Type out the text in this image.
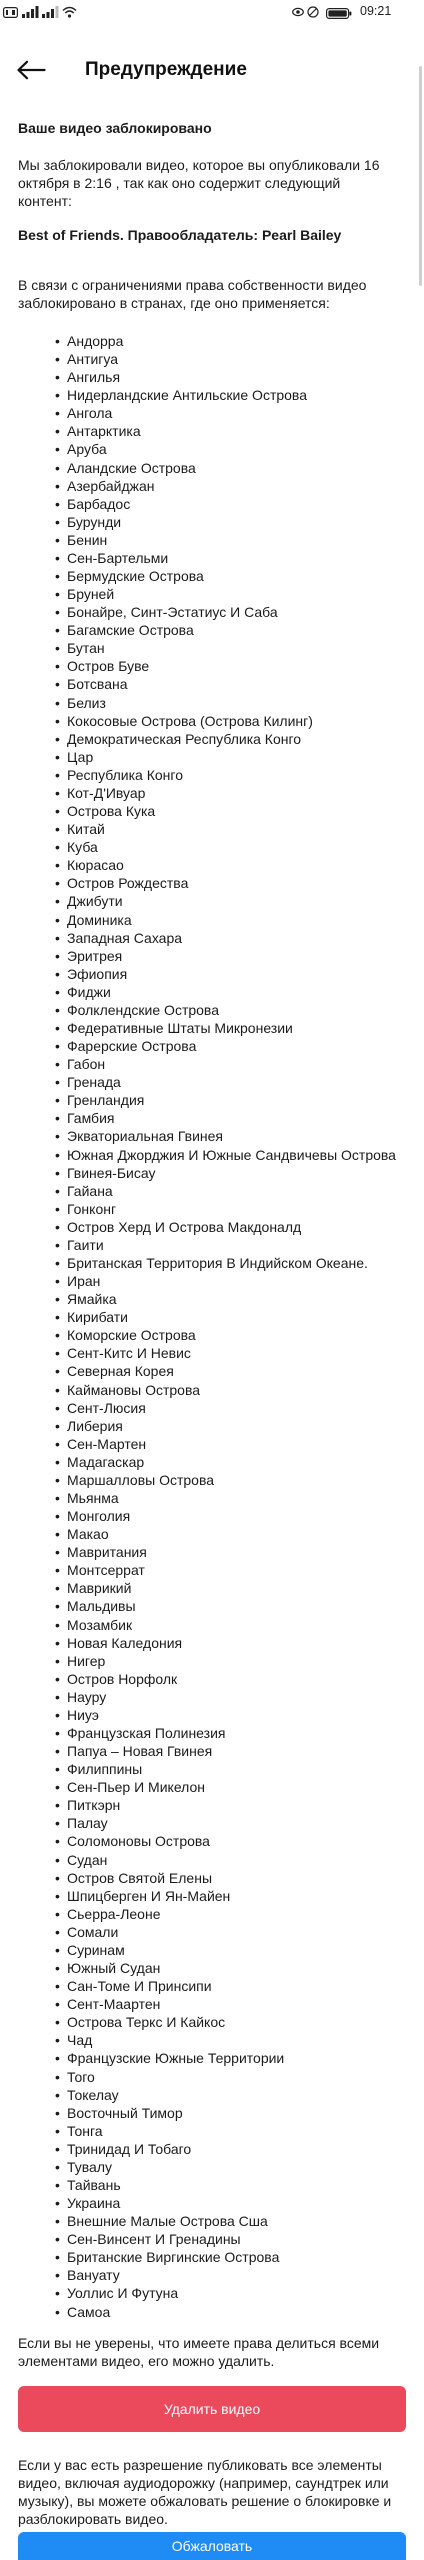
09:21
Предупреждение
Ваше видео заблокировано
Мы заблокировали видео, которое вы опубликовали 16
октября в 2:16 , так как оно содержит следующий
контент:
Best of Friends. Правообладатель: Pearl Bailey
В связи с ограничениями права собственности видео
заблокировано в странах, где оно применяется:
• Андорра
• Антигуа
• Ангилья
• Нидерландские Антильские Острова
• Ангола
• Антарктика
• Аруба
• Аландские Острова
• Азербайджан
• Барбадос
• Бурунди
• Бенин
• Сен-Бартельми
• Бермудские Острова
• Бруней
• Бонайре, Синт-Эстатиус И Саба
• Багамские Острова
• Бутан
• Остров Буве
• Ботсвана
• Белиз
• Кокосовые Острова (Острова Килинг)
• Демократическая Республика Конго
• Цар
• Республика Конго
• Кот-Д'Ивуар
• Острова Кука
• Китай
• Куба
• Кюрасао
• Остров Рождества
• Джибути
• Доминика
• Западная Сахара
• Эритрея
• Эфиопия
• Фиджи
• Фолклендские Острова
• Федеративные Штаты Микронезии
• Фарерские Острова
• Габон
• Гренада
• Гренландия
• Гамбия
• Экваториальная Гвинея
• Южная Джорджия И Южные Сандвичевы Острова
• Гвинея-Бисау
• Гайана
• Гонконг
• Остров Херд И Острова Макдоналд
• Гаити
• Британская Территория В Индийском Океане.
• Иран
• Ямайка
• Кирибати
• Коморские Острова
• Сент-Китс И Невис
• Северная Корея
• Каймановы Острова
• Сент-Люсия
• Либерия
• Сен-Мартен
• Мадагаскар
• Маршалловы Острова
• Мьянма
• Монголия
• Макао
• Мавритания
• Монтсеррат
• Маврикий
• Мальдивы
• Мозамбик
• Новая Каледония
• Нигер
• Остров Норфолк
• Науру
• Ниуэ
• Французская Полинезия
• Папуа – Новая Гвинея
• Филиппины
• Сен-Пьер И Микелон
• Питкэрн
• Палау
• Соломоновы Острова
• Судан
• Остров Святой Елены
• Шпицберген И Ян-Майен
• Сьерра-Леоне
• Сомали
• Суринам
• Южный Судан
• Сан-Томе И Принсипи
• Сент-Маартен
• Острова Теркс И Кайкос
• Чад
• Французские Южные Территории
• Того
• Токелау
• Восточный Тимор
• Тонга
• Тринидад И Тобаго
• Тувалу
• Тайвань
• Украина
• Внешние Малые Острова Сша
• Сен-Винсент И Гренадины
• Британские Виргинские Острова
• Вануату
• Уоллис И Футуна
• Самоа
Если вы не уверены, что имеете права делиться всеми
элементами видео, его можно удалить.
Удалить видео
Если у вас есть разрешение публиковать все элементы
видео, включая аудиодорожку (например, саундтрек или
музыку), вы можете обжаловать решение о блокировке и
разблокировать видео.
Обжаловать
